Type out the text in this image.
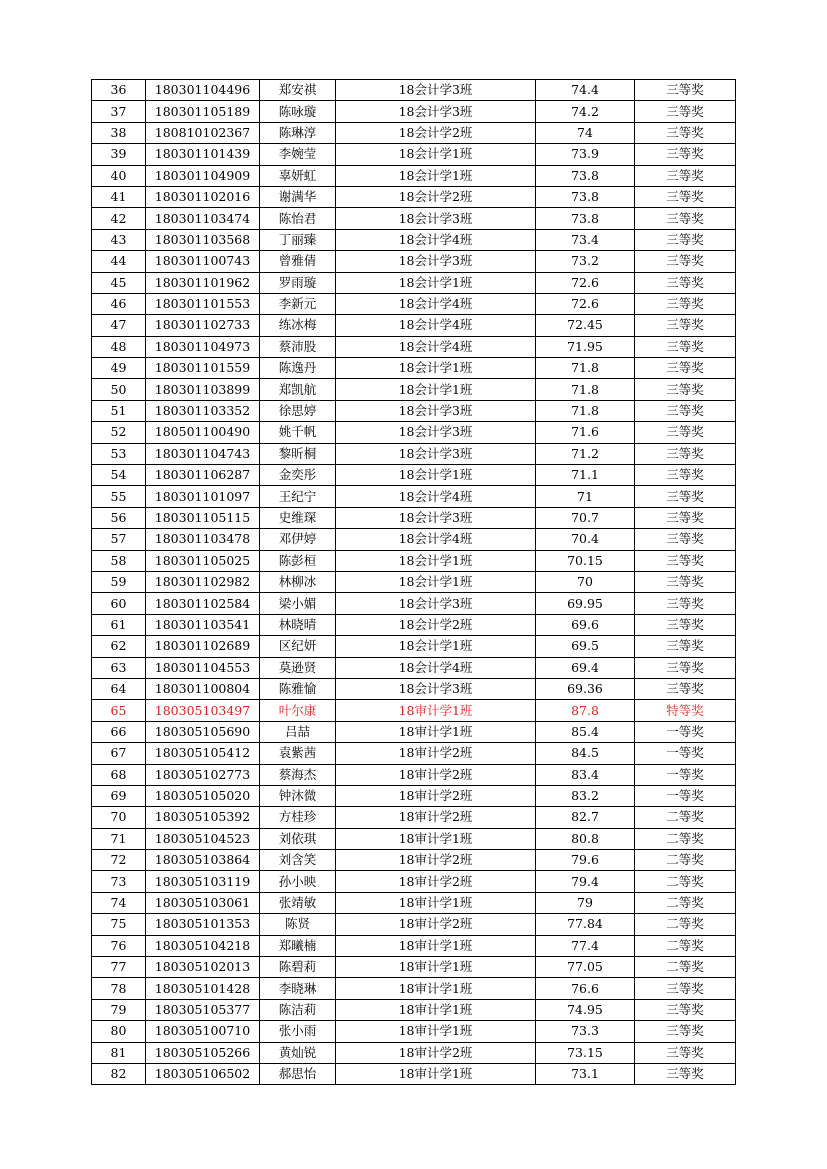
36	180301104496	郑安祺	18会计学3班	74.4	三等奖
37	180301105189	陈咏璇	18会计学3班	74.2	三等奖
38	180810102367	陈琳淳	18会计学2班	74	三等奖
39	180301101439	李婉莹	18会计学1班	73.9	三等奖
40	180301104909	辜妍虹	18会计学1班	73.8	三等奖
41	180301102016	谢满华	18会计学2班	73.8	三等奖
42	180301103474	陈怡君	18会计学3班	73.8	三等奖
43	180301103568	丁丽臻	18会计学4班	73.4	三等奖
44	180301100743	曾雅倩	18会计学3班	73.2	三等奖
45	180301101962	罗雨璇	18会计学1班	72.6	三等奖
46	180301101553	李新元	18会计学4班	72.6	三等奖
47	180301102733	练冰梅	18会计学4班	72.45	三等奖
48	180301104973	蔡沛股	18会计学4班	71.95	三等奖
49	180301101559	陈逸丹	18会计学1班	71.8	三等奖
50	180301103899	郑凯航	18会计学1班	71.8	三等奖
51	180301103352	徐思婷	18会计学3班	71.8	三等奖
52	180501100490	姚千帆	18会计学3班	71.6	三等奖
53	180301104743	黎昕桐	18会计学3班	71.2	三等奖
54	180301106287	金奕彤	18会计学1班	71.1	三等奖
55	180301101097	王纪宁	18会计学4班	71	三等奖
56	180301105115	史维琛	18会计学3班	70.7	三等奖
57	180301103478	邓伊婷	18会计学4班	70.4	三等奖
58	180301105025	陈彭桓	18会计学1班	70.15	三等奖
59	180301102982	林柳冰	18会计学1班	70	三等奖
60	180301102584	梁小媚	18会计学3班	69.95	三等奖
61	180301103541	林晓晴	18会计学2班	69.6	三等奖
62	180301102689	区纪妍	18会计学1班	69.5	三等奖
63	180301104553	莫逊贤	18会计学4班	69.4	三等奖
64	180301100804	陈雅愉	18会计学3班	69.36	三等奖
65	180305103497	叶尔康	18审计学1班	87.8	特等奖
66	180305105690	吕喆	18审计学1班	85.4	一等奖
67	180305105412	袁紫茜	18审计学2班	84.5	一等奖
68	180305102773	蔡海杰	18审计学2班	83.4	一等奖
69	180305105020	钟沐微	18审计学2班	83.2	一等奖
70	180305105392	方桂珍	18审计学2班	82.7	二等奖
71	180305104523	刘依琪	18审计学1班	80.8	二等奖
72	180305103864	刘含笑	18审计学2班	79.6	二等奖
73	180305103119	孙小映	18审计学2班	79.4	二等奖
74	180305103061	张靖敏	18审计学1班	79	二等奖
75	180305101353	陈贤	18审计学2班	77.84	二等奖
76	180305104218	郑曦楠	18审计学1班	77.4	二等奖
77	180305102013	陈碧莉	18审计学1班	77.05	二等奖
78	180305101428	李晓琳	18审计学1班	76.6	三等奖
79	180305105377	陈洁莉	18审计学1班	74.95	三等奖
80	180305100710	张小雨	18审计学1班	73.3	三等奖
81	180305105266	黄灿锐	18审计学2班	73.15	三等奖
82	180305106502	郝思怡	18审计学1班	73.1	三等奖
